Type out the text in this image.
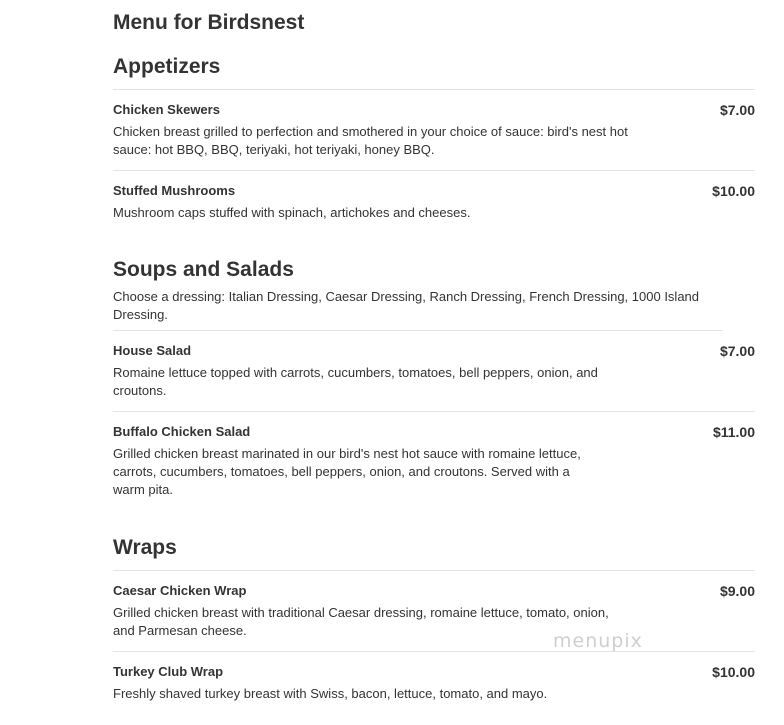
Menu for Birdsnest
Appetizers
Chicken Skewers	$7.00

Chicken breast grilled to perfection and smothered in your choice of sauce: bird's nest hot sauce: hot BBQ, BBQ, teriyaki, hot teriyaki, honey BBQ.

Stuffed Mushrooms	$10.00

Mushroom caps stuffed with spinach, artichokes and cheeses.

Soups and Salads

Choose a dressing: Italian Dressing, Caesar Dressing, Ranch Dressing, French Dressing, 1000 Island Dressing.

House Salad	$7.00

Romaine lettuce topped with carrots, cucumbers, tomatoes, bell peppers, onion, and croutons.

Buffalo Chicken Salad	$11.00

Grilled chicken breast marinated in our bird's nest hot sauce with romaine lettuce, carrots, cucumbers, tomatoes, bell peppers, onion, and croutons. Served with a warm pita.

Wraps
Caesar Chicken Wrap	$9.00

Grilled chicken breast with traditional Caesar dressing, romaine lettuce, tomato, onion, and Parmesan cheese.

Turkey Club Wrap	$10.00

Freshly shaved turkey breast with Swiss, bacon, lettuce, tomato, and mayo.

menupix
